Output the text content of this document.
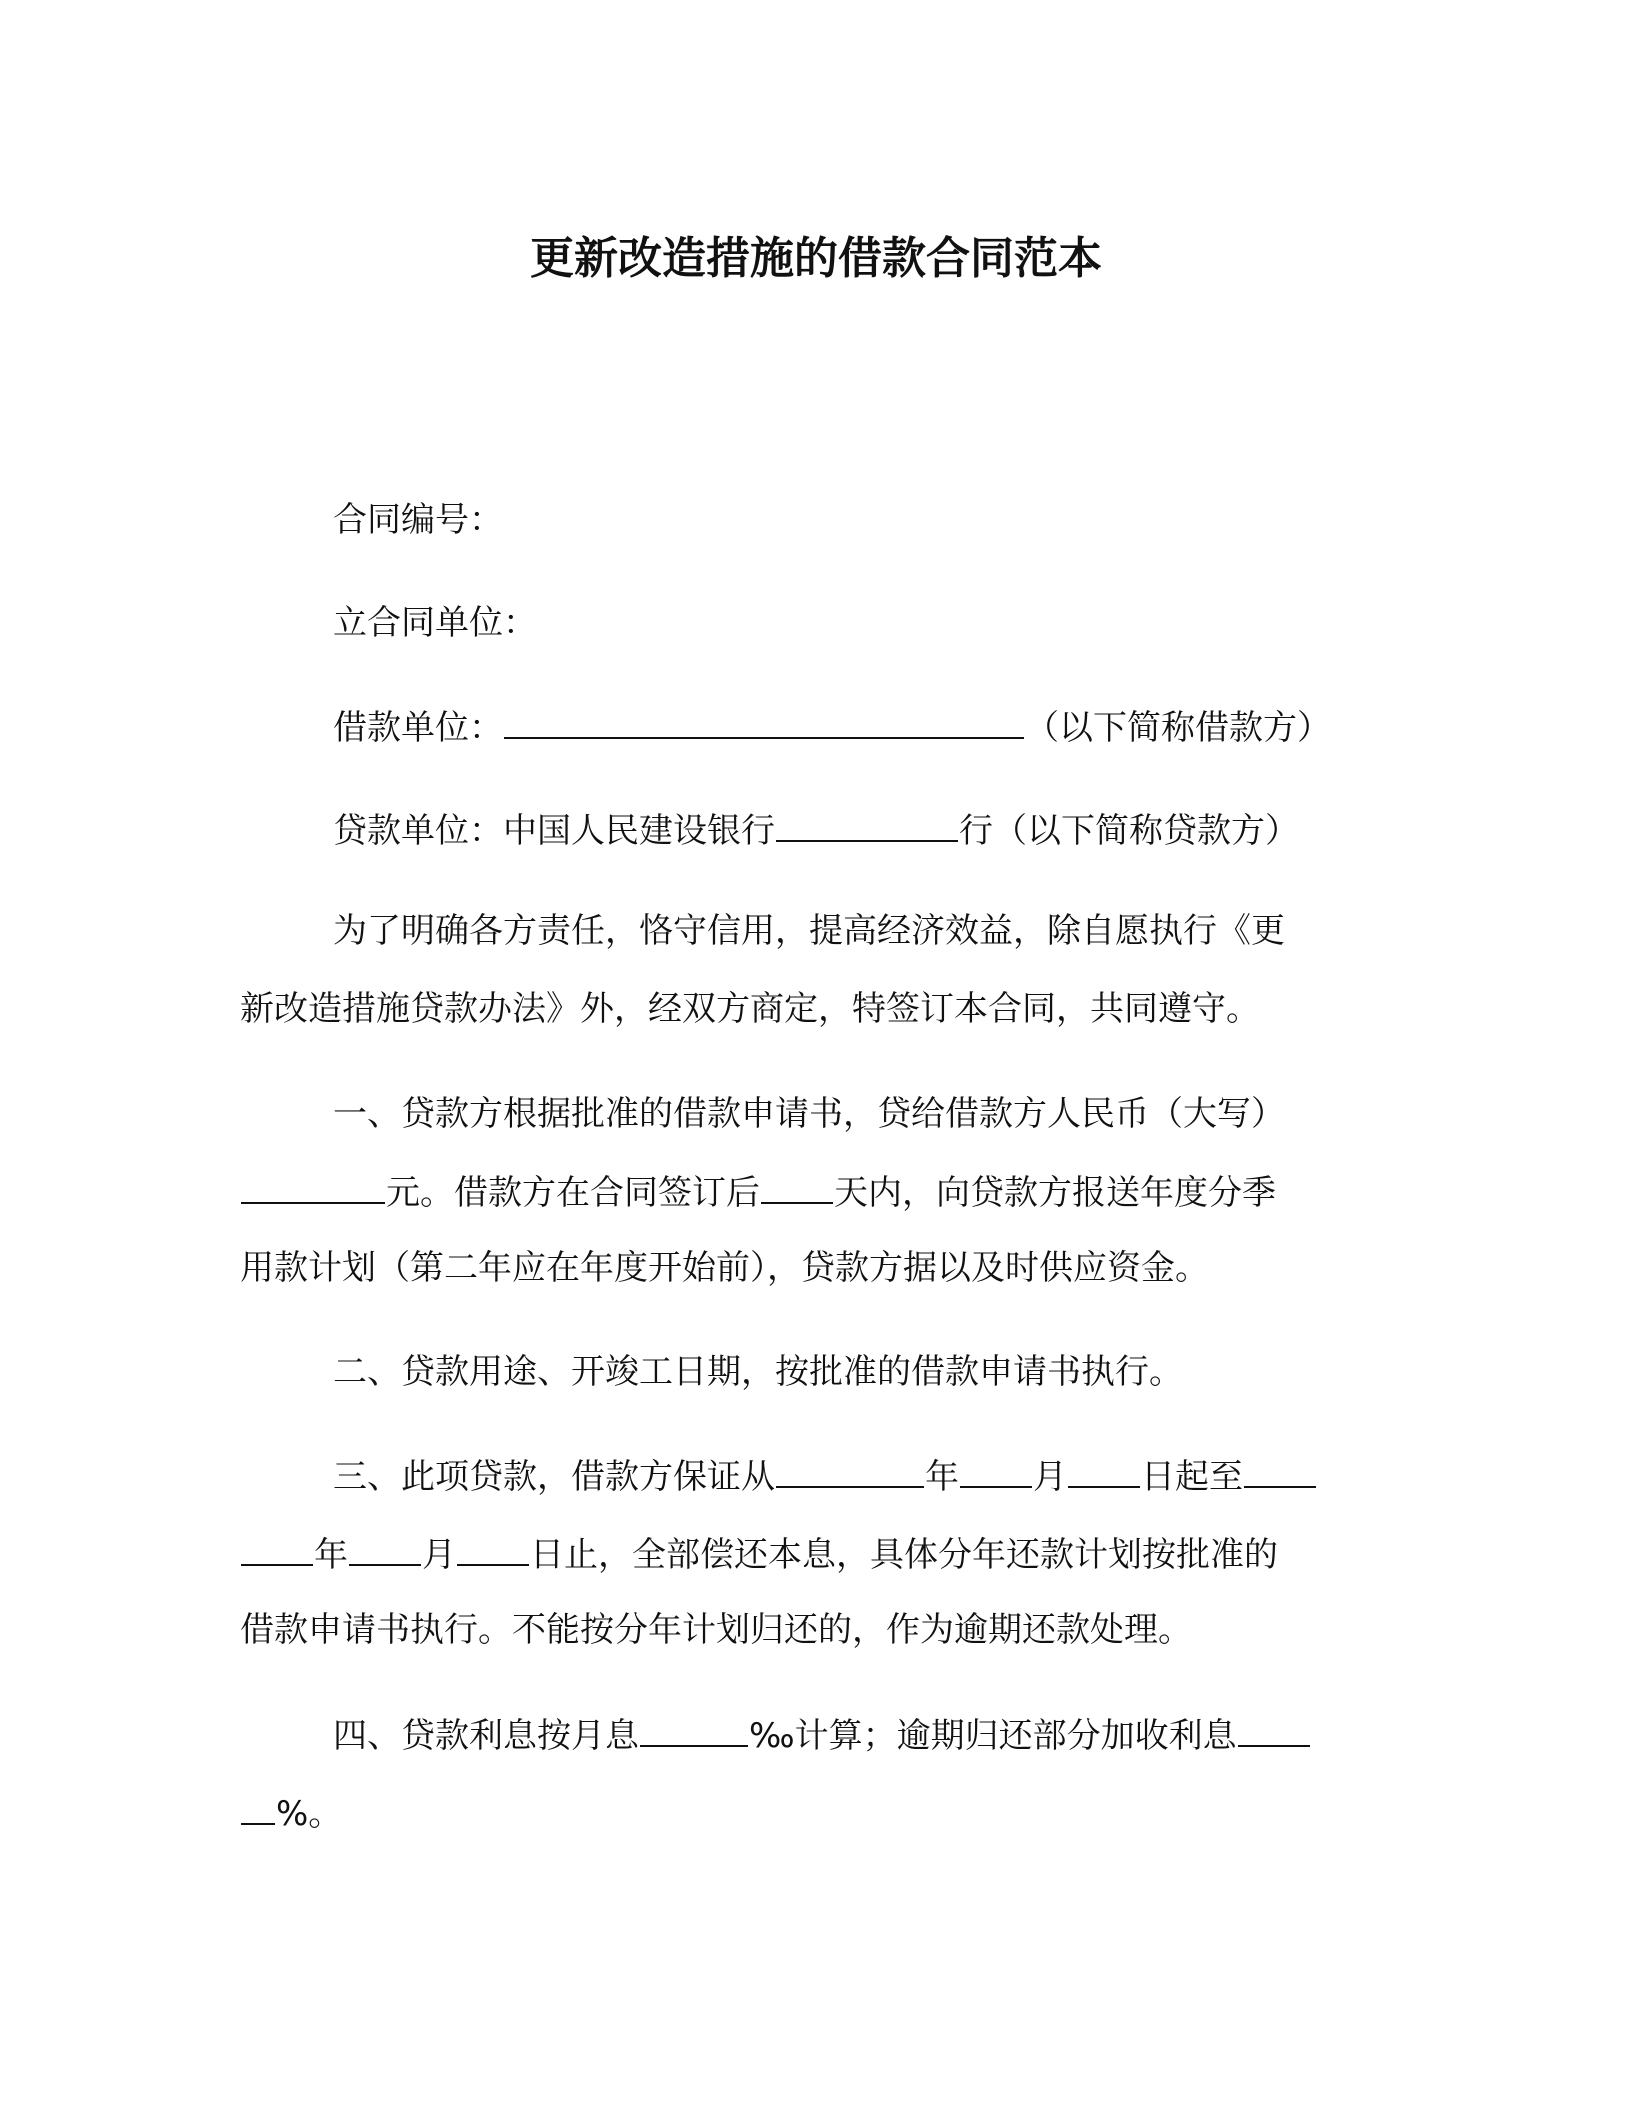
更新改造措施的借款合同范本
合同编号：
立合同单位：
借款单位：	（以下简称借款方）
贷款单位：中国人民建设银行	行（以下简称贷款方）
为了明确各方责任，恪守信用，提高经济效益，除自愿执行《更
新改造措施贷款办法》外，经双方商定，特签订本合同，共同遵守。
一、贷款方根据批准的借款申请书，贷给借款方人民币（大写）
元。借款方在合同签订后 天内，向贷款方报送年度分季
用款计划（第二年应在年度开始前），贷款方据以及时供应资金。
二、贷款用途、开竣工日期，按批准的借款申请书执行。
三、此项贷款，借款方保证从	年 月 日起至
年 月 日止，全部偿还本息，具体分年还款计划按批准的
借款申请书执行。不能按分年计划归还的，作为逾期还款处理。
四、贷款利息按月息	‰计算；逾期归还部分加收利息
%。
